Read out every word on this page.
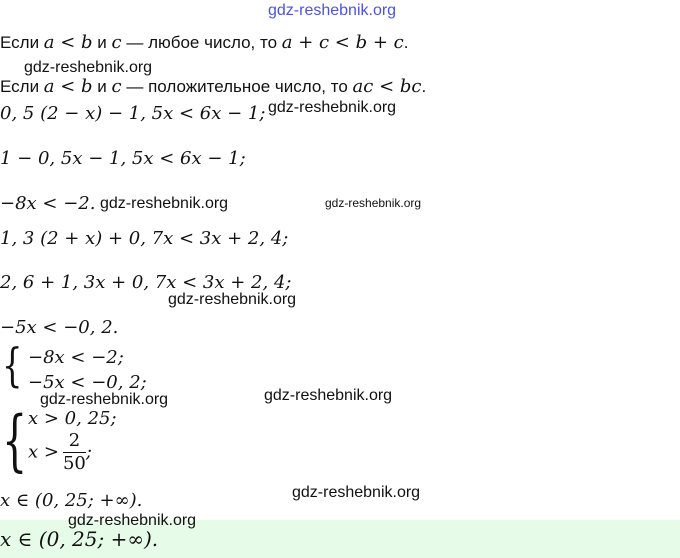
gdz-reshebnik.org
Если a < b и c — любое число, то a + c < b + c.
gdz-reshebnik.org
Если a < b и c — положительное число, то ac < bc.
0, 5 (2 − x) − 1, 5x < 6x − 1; gdz-reshebnik.org
1 − 0, 5x − 1, 5x < 6x − 1;
−8x < −2. gdz-reshebnik.org	gdz-reshebnik.org
1, 3 (2 + x) + 0, 7x < 3x + 2, 4;
2, 6 + 1, 3x + 0, 7x < 3x + 2, 4;
gdz-reshebnik.org
−5x < −0, 2.
{ −8x < −2;
−5x < −0, 2;
gdz-reshebnik.org	gdz-reshebnik.org
{ x > 0, 25;
$x > \frac{2}{50}$ ;
x ∈ (0, 25; +∞).	gdz-reshebnik.org
gdz-reshebnik.org
x ∈ (0, 25; +∞).
